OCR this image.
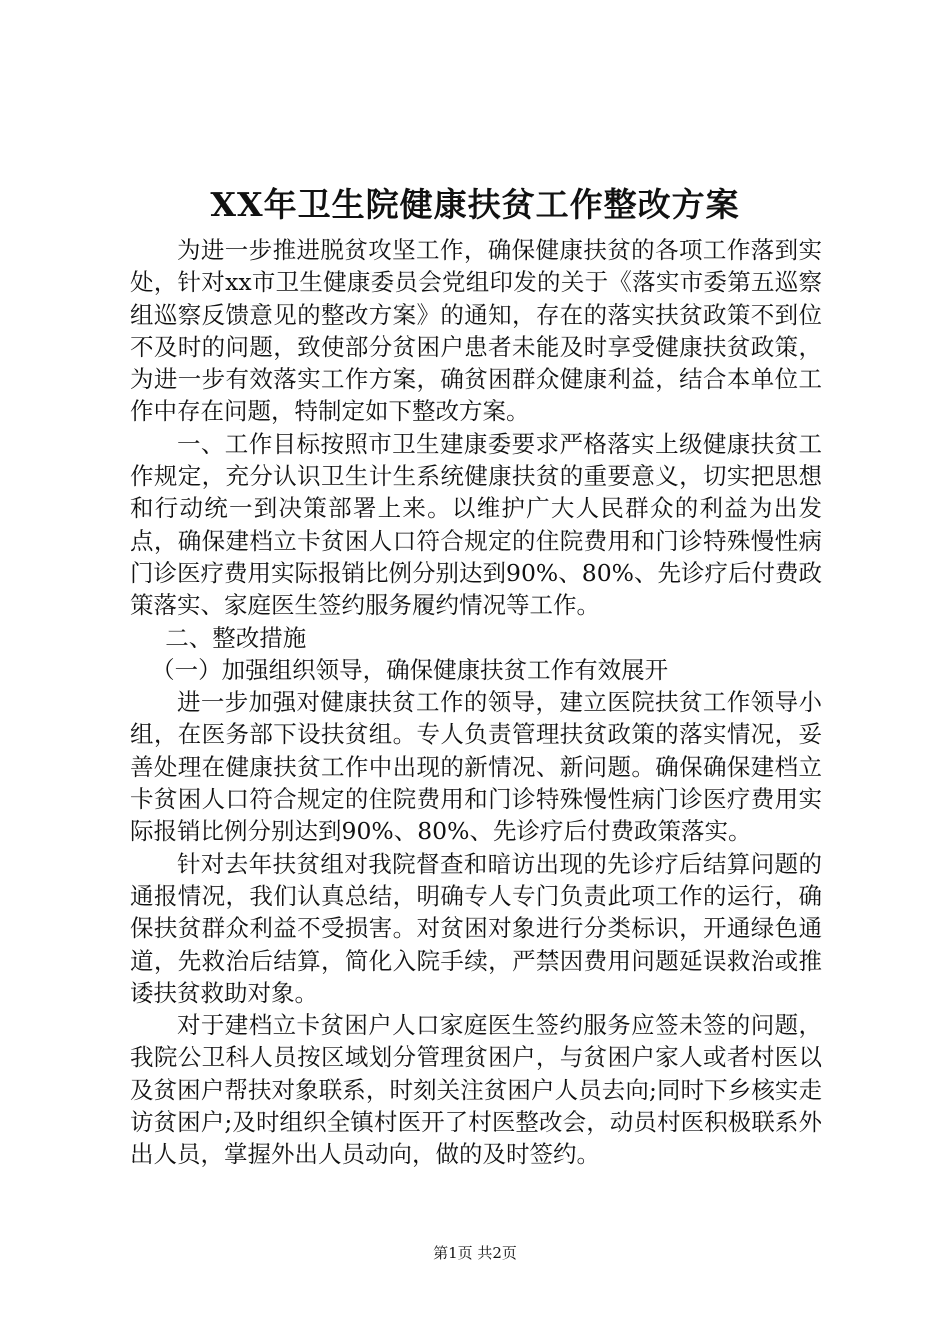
XX年卫生院健康扶贫工作整改方案

为进一步推进脱贫攻坚工作，确保健康扶贫的各项工作落到实处，针对xx市卫生健康委员会党组印发的关于《落实市委第五巡察组巡察反馈意见的整改方案》的通知，存在的落实扶贫政策不到位不及时的问题，致使部分贫困户患者未能及时享受健康扶贫政策，为进一步有效落实工作方案，确贫困群众健康利益，结合本单位工作中存在问题，特制定如下整改方案。

一、工作目标按照市卫生建康委要求严格落实上级健康扶贫工作规定，充分认识卫生计生系统健康扶贫的重要意义，切实把思想和行动统一到决策部署上来。以维护广大人民群众的利益为出发点，确保建档立卡贫困人口符合规定的住院费用和门诊特殊慢性病门诊医疗费用实际报销比例分别达到90%、80%、先诊疗后付费政策落实、家庭医生签约服务履约情况等工作。

二、整改措施

（一）加强组织领导，确保健康扶贫工作有效展开

进一步加强对健康扶贫工作的领导，建立医院扶贫工作领导小组，在医务部下设扶贫组。专人负责管理扶贫政策的落实情况，妥善处理在健康扶贫工作中出现的新情况、新问题。确保确保建档立卡贫困人口符合规定的住院费用和门诊特殊慢性病门诊医疗费用实际报销比例分别达到90%、80%、先诊疗后付费政策落实。

针对去年扶贫组对我院督查和暗访出现的先诊疗后结算问题的通报情况，我们认真总结，明确专人专门负责此项工作的运行，确保扶贫群众利益不受损害。对贫困对象进行分类标识，开通绿色通道，先救治后结算，简化入院手续，严禁因费用问题延误救治或推诿扶贫救助对象。

对于建档立卡贫困户人口家庭医生签约服务应签未签的问题，我院公卫科人员按区域划分管理贫困户，与贫困户家人或者村医以及贫困户帮扶对象联系，时刻关注贫困户人员去向;同时下乡核实走访贫困户;及时组织全镇村医开了村医整改会，动员村医积极联系外出人员，掌握外出人员动向，做的及时签约。

第1页 共2页
